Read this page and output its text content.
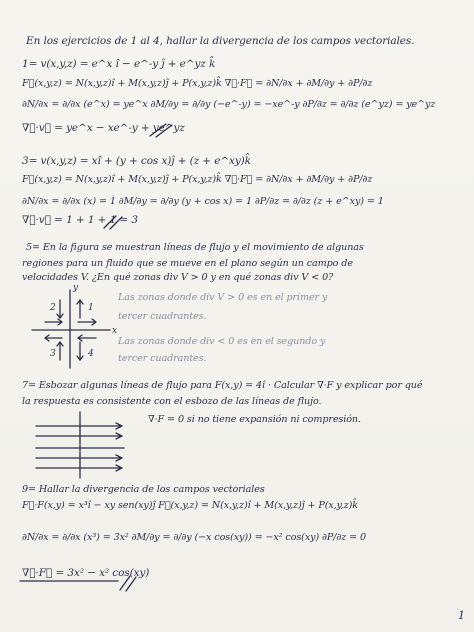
En los ejercicios de 1 al 4, hallar la divergencia de los campos vectoriales.
1= v(x,y,z) = e^x î − e^-y ĵ + e^yz k̂
F⃗(x,y,z) = N(x,y,z)î + M(x,y,z)ĵ + P(x,y,z)k̂ ∇⃗·F⃗ = ∂N/∂x + ∂M/∂y + ∂P/∂z
∂N/∂x = ∂/∂x (e^x) = ye^x ∂M/∂y = ∂/∂y (−e^-y) = −xe^-y ∂P/∂z = ∂/∂z (e^yz) = ye^yz
∇⃗·v⃗ = ye^x − xe^-y + ye^yz
3= v(x,y,z) = xî + (y + cos x)ĵ + (z + e^xy)k̂
F⃗(x,y,z) = N(x,y,z)î + M(x,y,z)ĵ + P(x,y,z)k̂ ∇⃗·F⃗ = ∂N/∂x + ∂M/∂y + ∂P/∂z
∂N/∂x = ∂/∂x (x) = 1 ∂M/∂y = ∂/∂y (y + cos x) = 1 ∂P/∂z = ∂/∂z (z + e^xy) = 1
∇⃗·v⃗ = 1 + 1 + 1 = 3
5= En la figura se muestran líneas de flujo y el movimiento de algunas
regiones para un fluido que se mueve en el plano según un campo de
velocidades V. ¿En qué zonas div V > 0 y en qué zonas div V < 0?
Las zonas donde div V > 0 es en el primer y
tercer cuadrantes.
Las zonas donde div < 0 es en el segundo y
tercer cuadrantes.
7= Esbozar algunas líneas de flujo para F(x,y) = 4î · Calcular ∇·F y explicar por qué
la respuesta es consistente con el esbozo de las líneas de flujo.
∇·F = 0 si no tiene expansión ni compresión.
9= Hallar la divergencia de los campos vectoriales
F⃗·F(x,y) = x³î − xy sen(xy)ĵ F⃗(x,y,z) = N(x,y,z)î + M(x,y,z)ĵ + P(x,y,z)k̂
∂N/∂x = ∂/∂x (x³) = 3x² ∂M/∂y = ∂/∂y (−x cos(xy)) = −x² cos(xy) ∂P/∂z = 0
∇⃗·F⃗ = 3x² − x² cos(xy)
1
2	1
3	4
x
y
